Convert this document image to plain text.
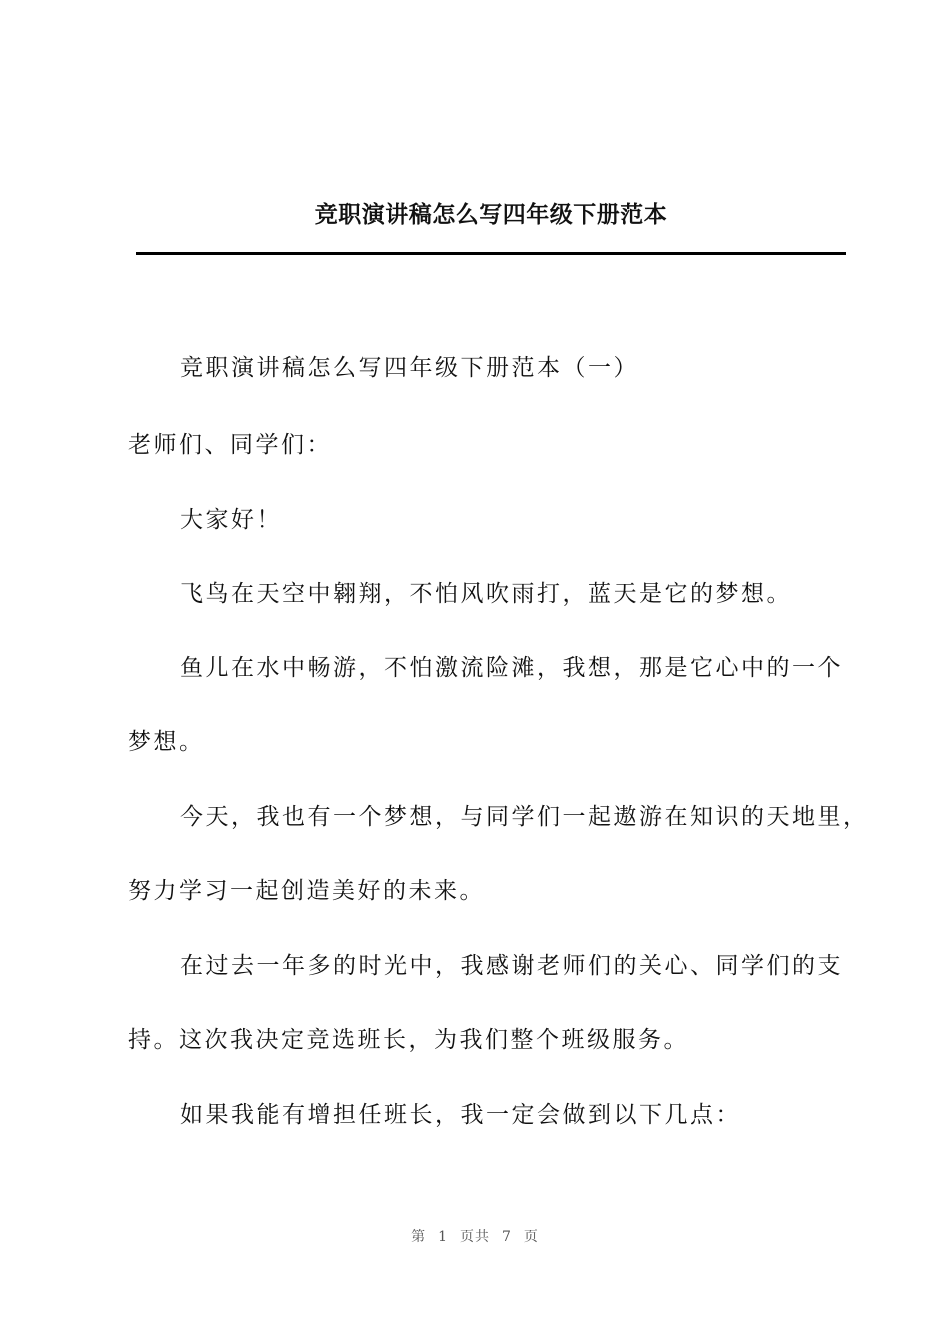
竞职演讲稿怎么写四年级下册范本
竞职演讲稿怎么写四年级下册范本（一）
老师们、同学们：
大家好！
飞鸟在天空中翱翔，不怕风吹雨打，蓝天是它的梦想。
鱼儿在水中畅游，不怕激流险滩，我想，那是它心中的一个
梦想。
今天，我也有一个梦想，与同学们一起遨游在知识的天地里，
努力学习一起创造美好的未来。
在过去一年多的时光中，我感谢老师们的关心、同学们的支
持。这次我决定竞选班长，为我们整个班级服务。
如果我能有增担任班长，我一定会做到以下几点：
第 1 页共 7 页
